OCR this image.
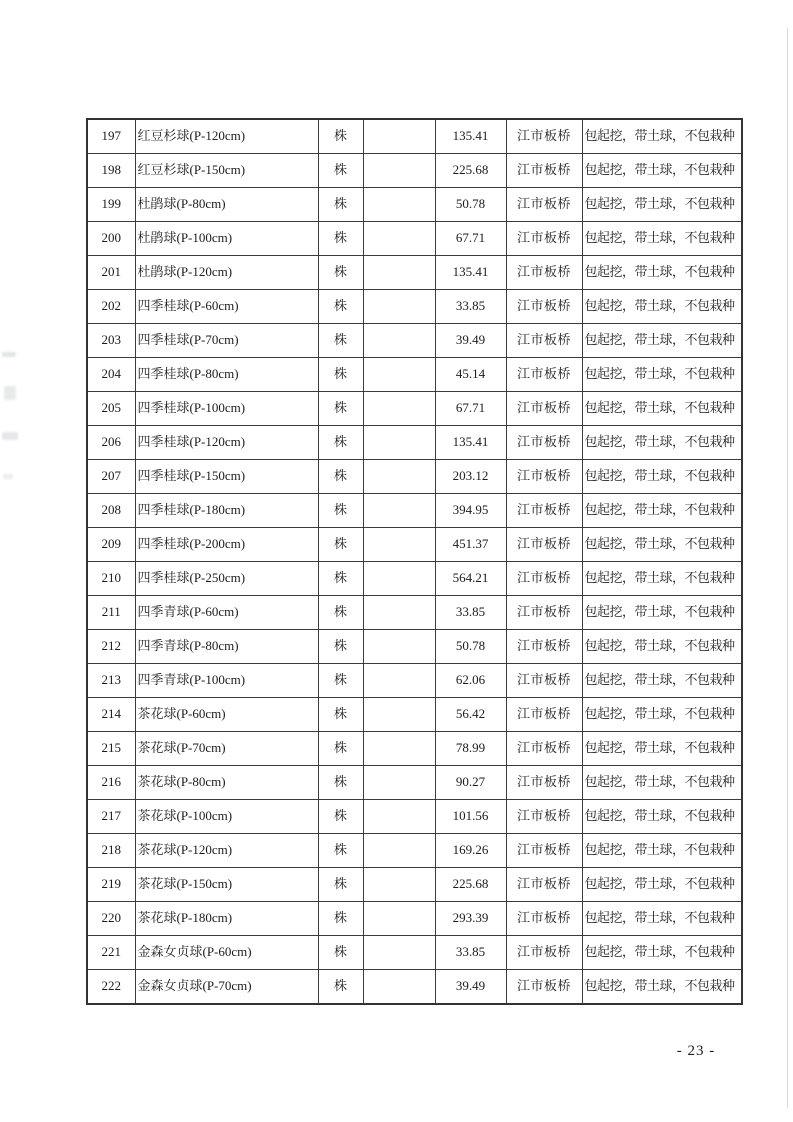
197	红豆杉球(P-120cm)	株		135.41	江市板桥	包起挖，带土球，不包栽种
198	红豆杉球(P-150cm)	株		225.68	江市板桥	包起挖，带土球，不包栽种
199	杜鹃球(P-80cm)	株		50.78	江市板桥	包起挖，带土球，不包栽种
200	杜鹃球(P-100cm)	株		67.71	江市板桥	包起挖，带土球，不包栽种
201	杜鹃球(P-120cm)	株		135.41	江市板桥	包起挖，带土球，不包栽种
202	四季桂球(P-60cm)	株		33.85	江市板桥	包起挖，带土球，不包栽种
203	四季桂球(P-70cm)	株		39.49	江市板桥	包起挖，带土球，不包栽种
204	四季桂球(P-80cm)	株		45.14	江市板桥	包起挖，带土球，不包栽种
205	四季桂球(P-100cm)	株		67.71	江市板桥	包起挖，带土球，不包栽种
206	四季桂球(P-120cm)	株		135.41	江市板桥	包起挖，带土球，不包栽种
207	四季桂球(P-150cm)	株		203.12	江市板桥	包起挖，带土球，不包栽种
208	四季桂球(P-180cm)	株		394.95	江市板桥	包起挖，带土球，不包栽种
209	四季桂球(P-200cm)	株		451.37	江市板桥	包起挖，带土球，不包栽种
210	四季桂球(P-250cm)	株		564.21	江市板桥	包起挖，带土球，不包栽种
211	四季青球(P-60cm)	株		33.85	江市板桥	包起挖，带土球，不包栽种
212	四季青球(P-80cm)	株		50.78	江市板桥	包起挖，带土球，不包栽种
213	四季青球(P-100cm)	株		62.06	江市板桥	包起挖，带土球，不包栽种
214	茶花球(P-60cm)	株		56.42	江市板桥	包起挖，带土球，不包栽种
215	茶花球(P-70cm)	株		78.99	江市板桥	包起挖，带土球，不包栽种
216	茶花球(P-80cm)	株		90.27	江市板桥	包起挖，带土球，不包栽种
217	茶花球(P-100cm)	株		101.56	江市板桥	包起挖，带土球，不包栽种
218	茶花球(P-120cm)	株		169.26	江市板桥	包起挖，带土球，不包栽种
219	茶花球(P-150cm)	株		225.68	江市板桥	包起挖，带土球，不包栽种
220	茶花球(P-180cm)	株		293.39	江市板桥	包起挖，带土球，不包栽种
221	金森女贞球(P-60cm)	株		33.85	江市板桥	包起挖，带土球，不包栽种
222	金森女贞球(P-70cm)	株		39.49	江市板桥	包起挖，带土球，不包栽种
- 23 -
